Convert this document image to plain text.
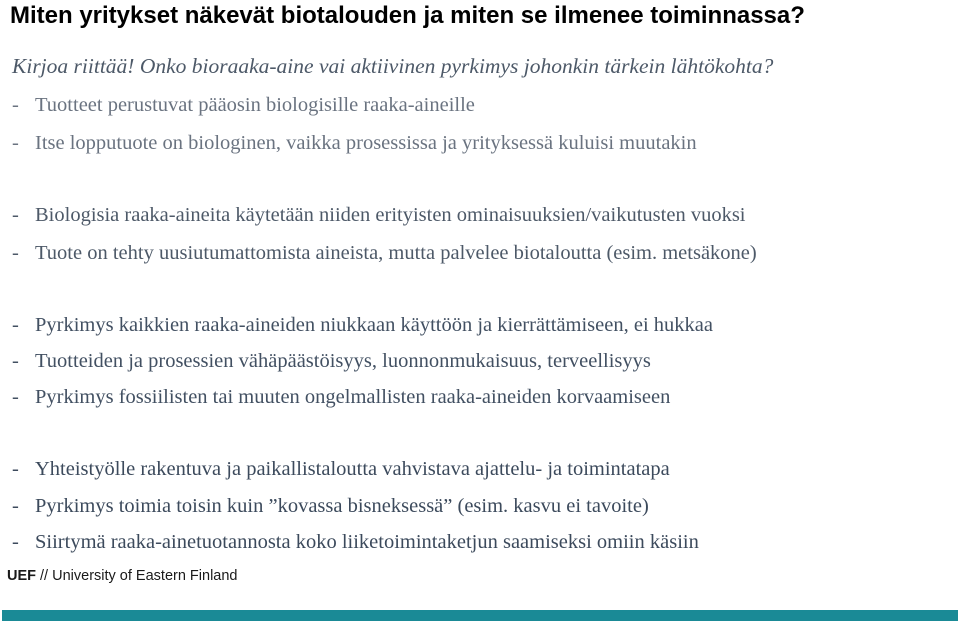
Miten yritykset näkevät biotalouden ja miten se ilmenee toiminnassa?
Kirjoa riittää! Onko bioraaka-aine vai aktiivinen pyrkimys johonkin tärkein lähtökohta?
- Tuotteet perustuvat pääosin biologisille raaka-aineille
- Itse lopputuote on biologinen, vaikka prosessissa ja yrityksessä kuluisi muutakin
- Biologisia raaka-aineita käytetään niiden erityisten ominaisuuksien/vaikutusten vuoksi
- Tuote on tehty uusiutumattomista aineista, mutta palvelee biotaloutta (esim. metsäkone)
- Pyrkimys kaikkien raaka-aineiden niukkaan käyttöön ja kierrättämiseen, ei hukkaa
- Tuotteiden ja prosessien vähäpäästöisyys, luonnonmukaisuus, terveellisyys
- Pyrkimys fossiilisten tai muuten ongelmallisten raaka-aineiden korvaamiseen
- Yhteistyölle rakentuva ja paikallistaloutta vahvistava ajattelu- ja toimintatapa
- Pyrkimys toimia toisin kuin ”kovassa bisneksessä” (esim. kasvu ei tavoite)
- Siirtymä raaka-ainetuotannosta koko liiketoimintaketjun saamiseksi omiin käsiin
UEF // University of Eastern Finland
